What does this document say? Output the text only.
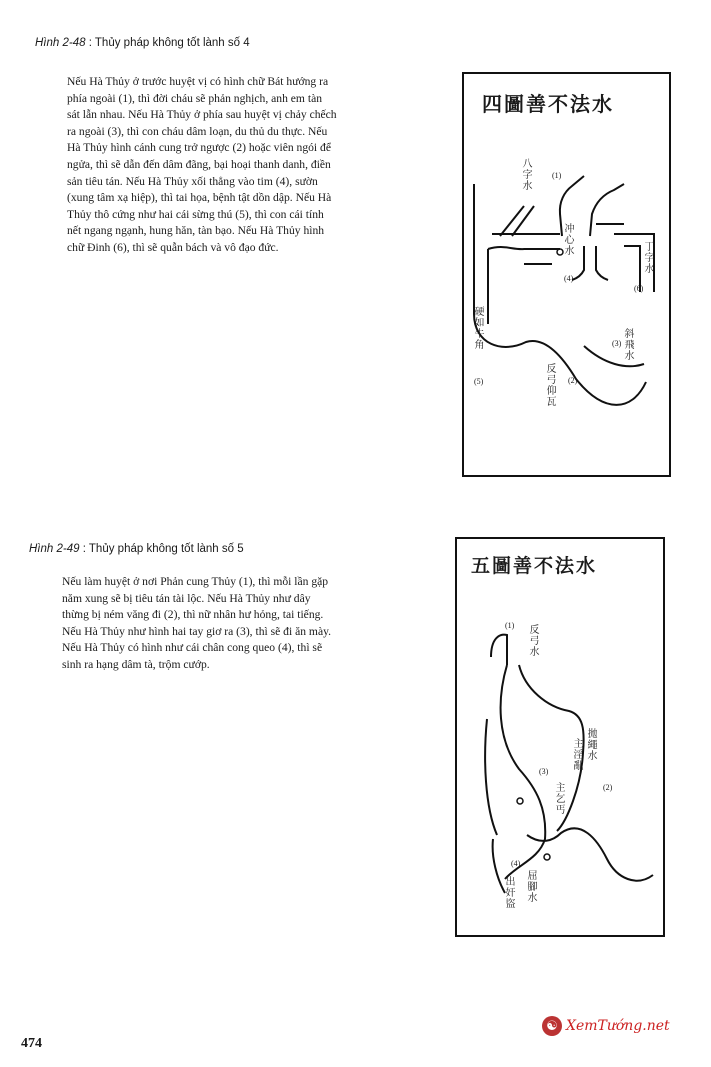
Hình 2-48 : Thủy pháp không tốt lành số 4
Nếu Hà Thủy ở trước huyệt vị có hình chữ Bát hướng ra
phía ngoài (1), thì đời cháu sẽ phản nghịch, anh em tàn
sát lẫn nhau. Nếu Hà Thủy ở phía sau huyệt vị chảy chếch
ra ngoài (3), thì con cháu dâm loạn, du thủ du thực. Nếu
Hà Thủy hình cánh cung trở ngược (2) hoặc viên ngói để
ngửa, thì sẽ dẫn đến dâm đãng, bại hoại thanh danh, điền
sản tiêu tán. Nếu Hà Thủy xối thẳng vào tim (4), sườn
(xung tâm xạ hiệp), thì tai họa, bệnh tật dồn dập. Nếu Hà
Thủy thô cứng như hai cái sừng thú (5), thì con cái tính
nết ngang ngạnh, hung hăn, tàn bạo. Nếu Hà Thủy hình
chữ Đinh (6), thì sẽ quẫn bách và vô đạo đức.
四圖善不法水
冲心水	丁字水
硬如牛角
反弓仰瓦
八字水
斜飛水
(1)
(2)
(3)
(4)
(5)
(6)
Hình 2-49 : Thủy pháp không tốt lành số 5
Nếu làm huyệt ở nơi Phản cung Thủy (1), thì mỗi lần gặp
năm xung sẽ bị tiêu tán tài lộc. Nếu Hà Thủy như dây
thừng bị ném văng đi (2), thì nữ nhân hư hỏng, tai tiếng.
Nếu Hà Thủy như hình hai tay giơ ra (3), thì sẽ đi ăn mày.
Nếu Hà Thủy có hình như cái chân cong queo (4), thì sẽ
sinh ra hạng dâm tà, trộm cướp.
五圖善不法水
反弓水
拋繩水
主淫亂
主乞丐
屈腳水
出奸盜
(1)
(2)
(3)
(4)
474
☯ XemTướng.net
